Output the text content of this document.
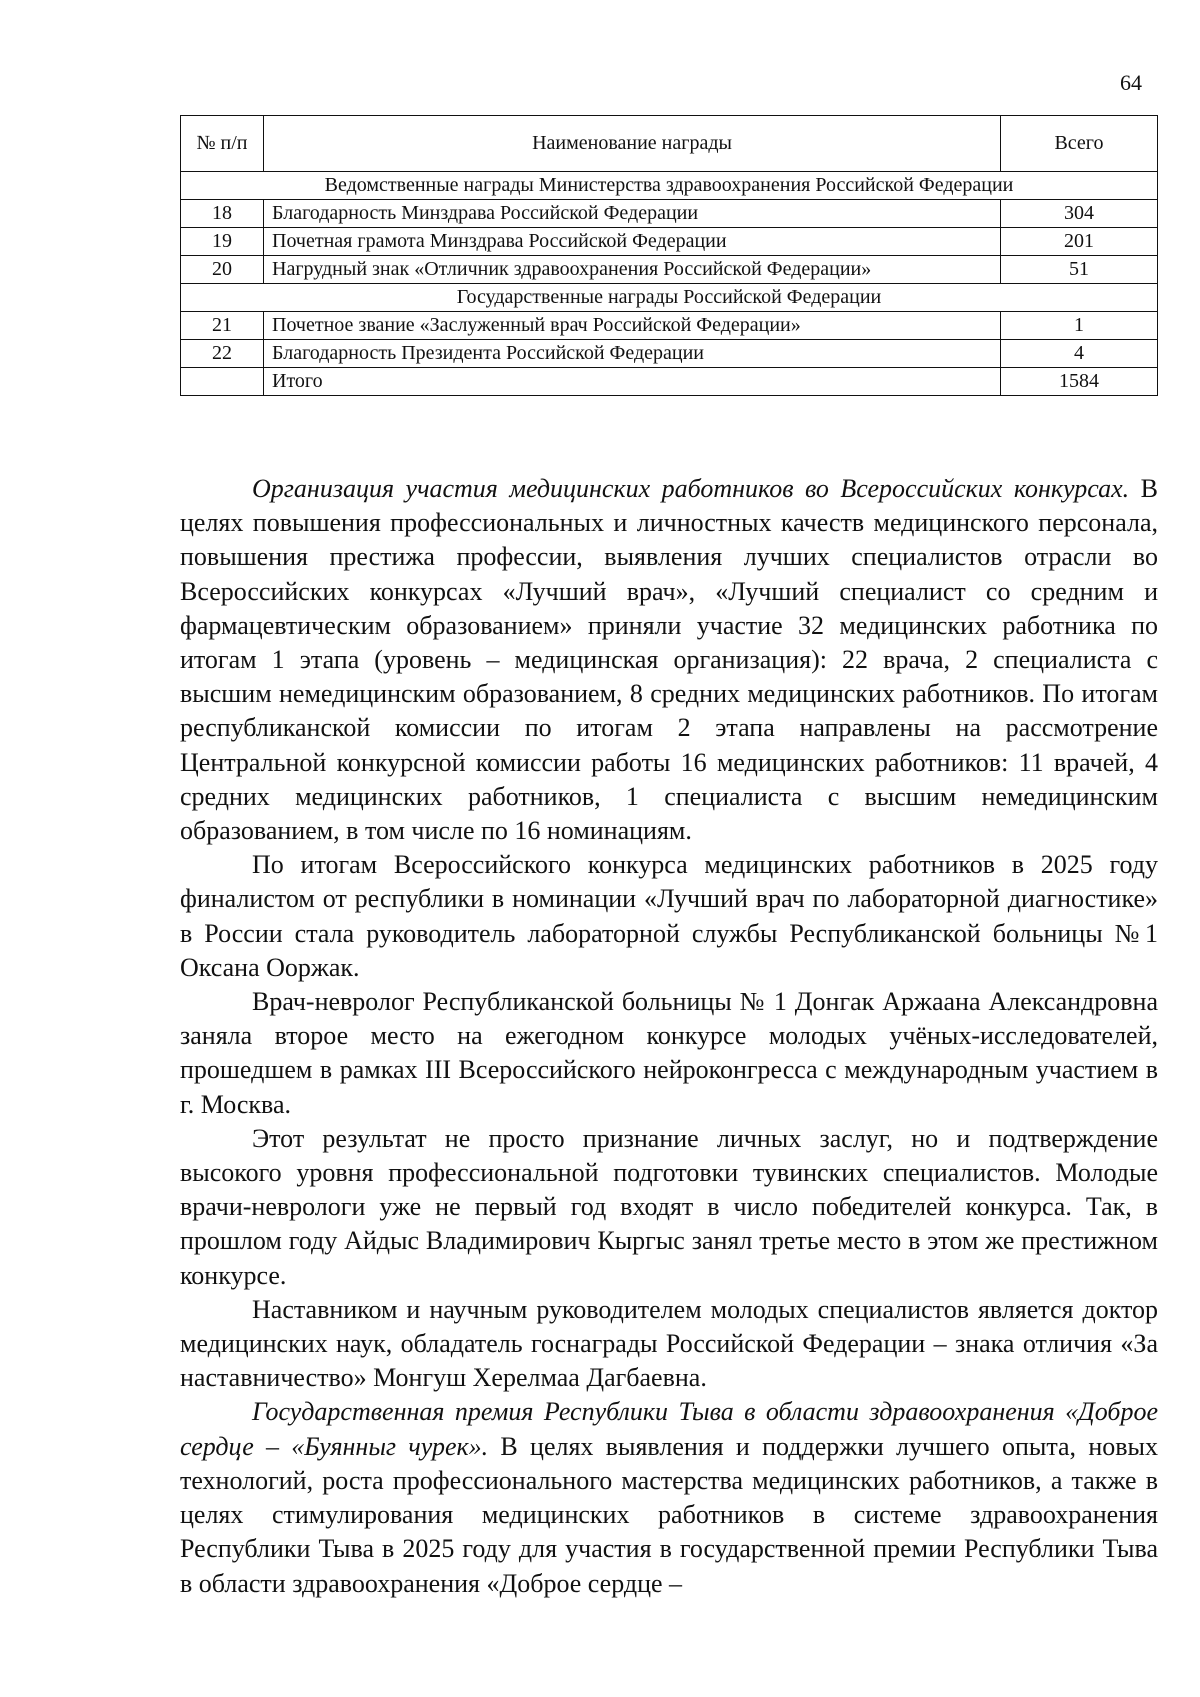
64
№ п/п	Наименование награды	Всего
Ведомственные награды Министерства здравоохранения Российской Федерации		
18	Благодарность Минздрава Российской Федерации	304
19	Почетная грамота Минздрава Российской Федерации	201
20	Нагрудный знак «Отличник здравоохранения Российской Федерации»	51
Государственные награды Российской Федерации		
21	Почетное звание «Заслуженный врач Российской Федерации»	1
22	Благодарность Президента Российской Федерации	4
	Итого	1584

Организация участия медицинских работников во Всероссийских конкурсах. В целях повышения профессиональных и личностных качеств медицинского персонала, повышения престижа профессии, выявления лучших специалистов отрасли во Всероссийских конкурсах «Лучший врач», «Лучший специалист со средним и фармацевтическим образованием» приняли участие 32 медицинских работника по итогам 1 этапа (уровень – медицинская организация): 22 врача, 2 специалиста с высшим немедицинским образованием, 8 средних медицинских работников. По итогам республиканской комиссии по итогам 2 этапа направлены на рассмотрение Центральной конкурсной комиссии работы 16 медицинских работников: 11 врачей, 4 средних медицинских работников, 1 специалиста с высшим немедицинским образованием, в том числе по 16 номинациям.

По итогам Всероссийского конкурса медицинских работников в 2025 году финалистом от республики в номинации «Лучший врач по лабораторной диагностике» в России стала руководитель лабораторной службы Республиканской больницы №1 Оксана Ооржак.

Врач-невролог Республиканской больницы № 1 Донгак Аржаана Александровна заняла второе место на ежегодном конкурсе молодых учёных-исследователей, прошедшем в рамках III Всероссийского нейроконгресса с международным участием в г. Москва.

Этот результат не просто признание личных заслуг, но и подтверждение высокого уровня профессиональной подготовки тувинских специалистов. Молодые врачи-неврологи уже не первый год входят в число победителей конкурса. Так, в прошлом году Айдыс Владимирович Кыргыс занял третье место в этом же престижном конкурсе.

Наставником и научным руководителем молодых специалистов является доктор медицинских наук, обладатель госнаграды Российской Федерации – знака отличия «За наставничество» Монгуш Херелмаа Дагбаевна.

Государственная премия Республики Тыва в области здравоохранения «Доброе сердце – «Буянныг чурек». В целях выявления и поддержки лучшего опыта, новых технологий, роста профессионального мастерства медицинских работников, а также в целях стимулирования медицинских работников в системе здравоохранения Республики Тыва в 2025 году для участия в государственной премии Республики Тыва в области здравоохранения «Доброе сердце –
